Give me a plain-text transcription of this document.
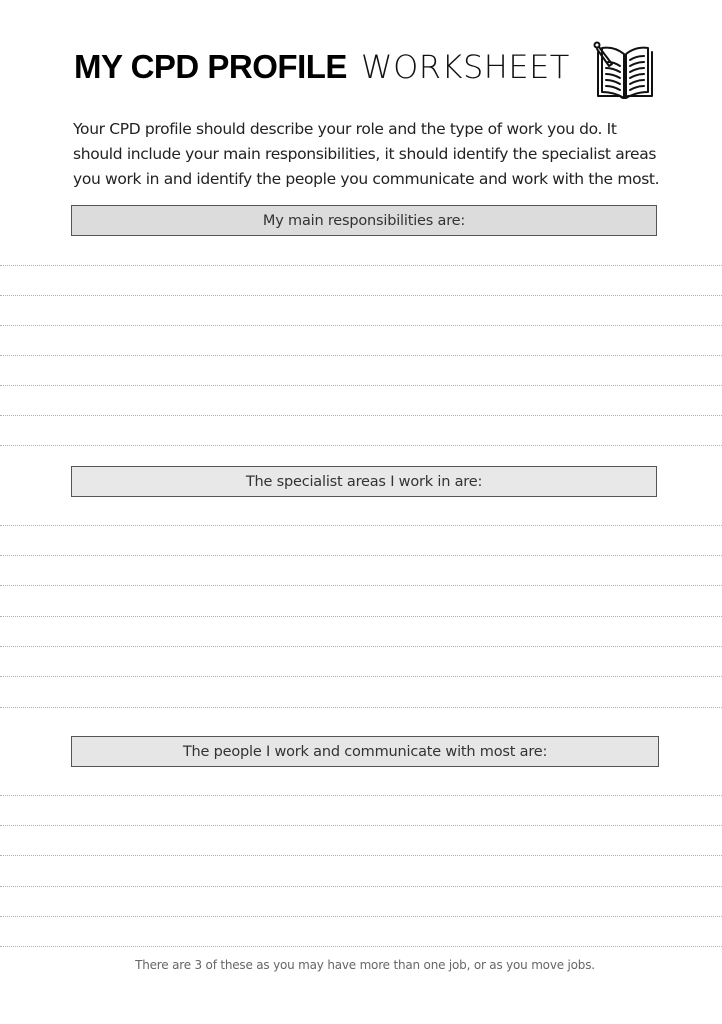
MY CPD PROFILE WORKSHEET

Your CPD profile should describe your role and the type of work you do. It

should include your main responsibilities, it should identify the specialist areas

you work in and identify the people you communicate and work with the most.

My main responsibilities are:
The specialist areas I work in are:
The people I work and communicate with most are:
There are 3 of these as you may have more than one job, or as you move jobs.
